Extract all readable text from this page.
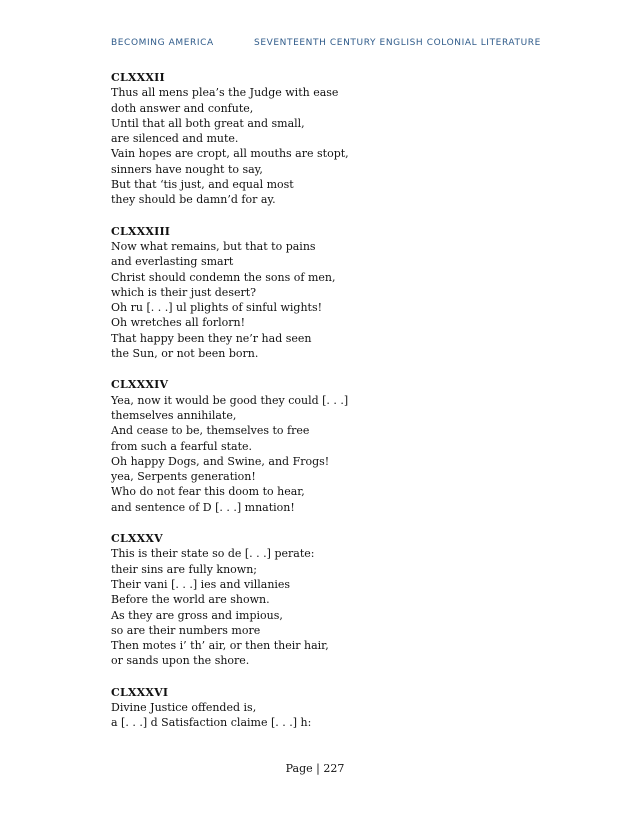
BECOMING AMERICA	SEVENTEENTH CENTURY ENGLISH COLONIAL LITERATURE
CLXXXII
Thus all mens plea’s the Judge with ease
doth answer and confute,
Until that all both great and small,
are silenced and mute.
Vain hopes are cropt, all mouths are stopt,
sinners have nought to say,
But that ‘tis just, and equal most
they should be damn’d for ay.
CLXXXIII
Now what remains, but that to pains
and everlasting smart
Christ should condemn the sons of men,
which is their just desert?
Oh ru [. . .] ul plights of sinful wights!
Oh wretches all forlorn!
That happy been they ne’r had seen
the Sun, or not been born.
CLXXXIV
Yea, now it would be good they could [. . .]
themselves annihilate,
And cease to be, themselves to free
from such a fearful state.
Oh happy Dogs, and Swine, and Frogs!
yea, Serpents generation!
Who do not fear this doom to hear,
and sentence of D [. . .] mnation!
CLXXXV
This is their state so de [. . .] perate:
their sins are fully known;
Their vani [. . .] ies and villanies
Before the world are shown.
As they are gross and impious,
so are their numbers more
Then motes i’ th’ air, or then their hair,
or sands upon the shore.
CLXXXVI
Divine Justice offended is,
a [. . .] d Satisfaction claime [. . .] h:
Page | 227
